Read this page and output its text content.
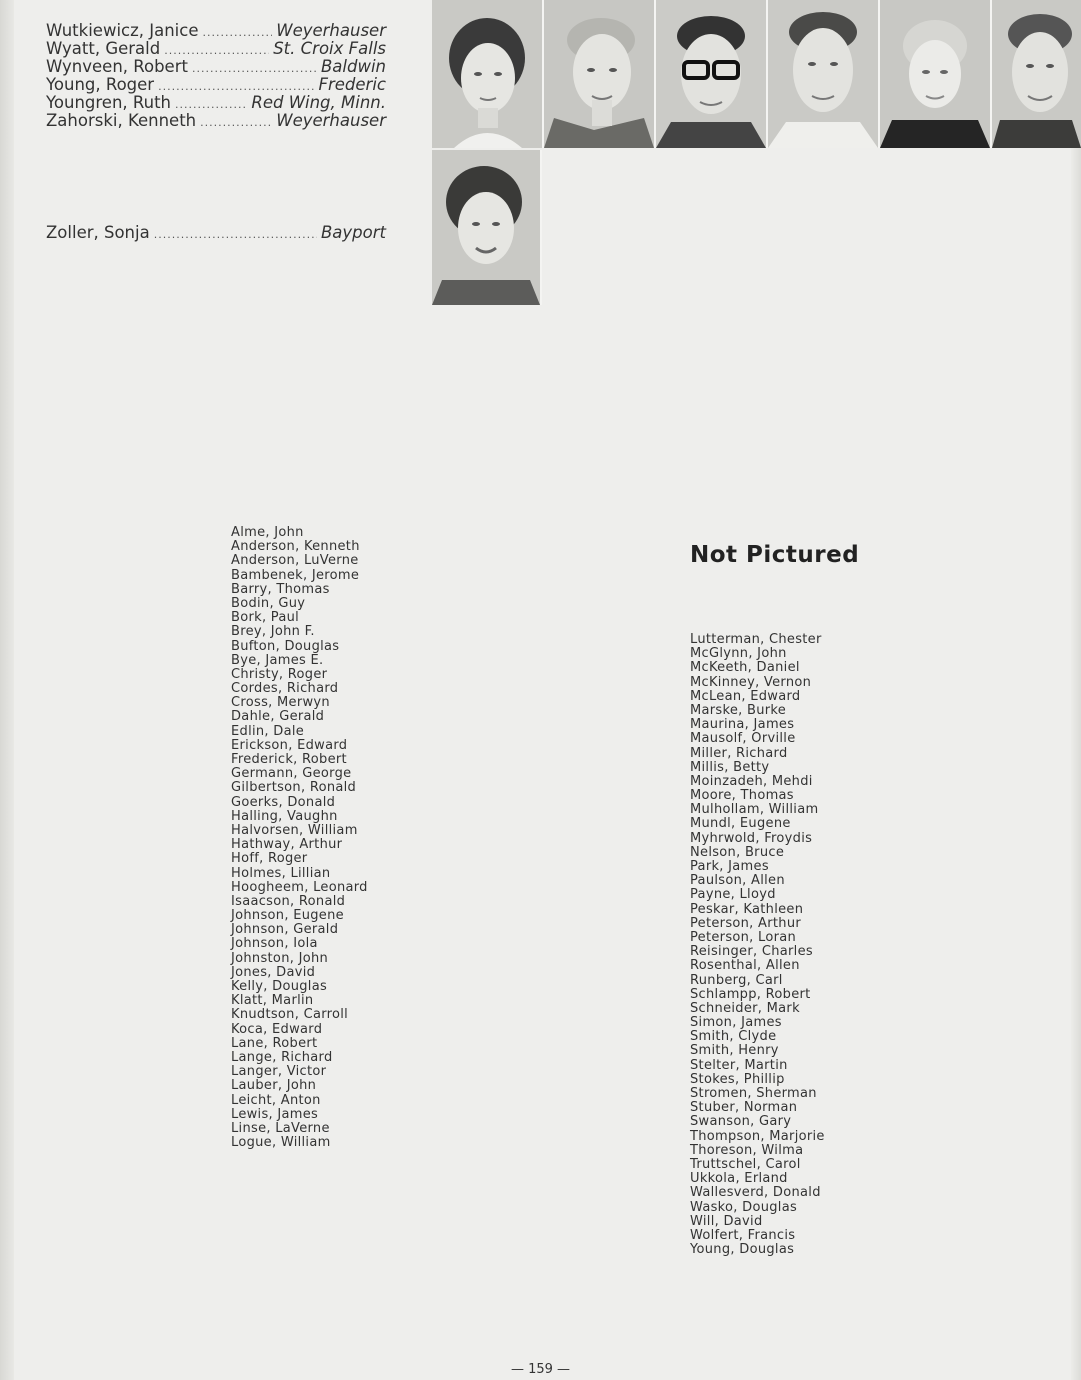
Wutkiewicz, Janice .....	Weyerhauser
Wyatt, Gerald .....	St. Croix Falls
Wynveen, Robert .....	Baldwin
Young, Roger .....	Frederic
Youngren, Ruth .....	Red Wing, Minn.
Zahorski, Kenneth .....	Weyerhauser
Zoller, Sonja .....	Bayport
Not Pictured
Alme, John
Anderson, Kenneth
Anderson, LuVerne
Bambenek, Jerome
Barry, Thomas
Bodin, Guy
Bork, Paul
Brey, John F.
Bufton, Douglas
Bye, James E.
Christy, Roger
Cordes, Richard
Cross, Merwyn
Dahle, Gerald
Edlin, Dale
Erickson, Edward
Frederick, Robert
Germann, George
Gilbertson, Ronald
Goerks, Donald
Halling, Vaughn
Halvorsen, William
Hathway, Arthur
Hoff, Roger
Holmes, Lillian
Hoogheem, Leonard
Isaacson, Ronald
Johnson, Eugene
Johnson, Gerald
Johnson, Iola
Johnston, John
Jones, David
Kelly, Douglas
Klatt, Marlin
Knudtson, Carroll
Koca, Edward
Lane, Robert
Lange, Richard
Langer, Victor
Lauber, John
Leicht, Anton
Lewis, James
Linse, LaVerne
Logue, William
Lutterman, Chester
McGlynn, John
McKeeth, Daniel
McKinney, Vernon
McLean, Edward
Marske, Burke
Maurina, James
Mausolf, Orville
Miller, Richard
Millis, Betty
Moinzadeh, Mehdi
Moore, Thomas
Mulhollam, William
Mundl, Eugene
Myhrwold, Froydis
Nelson, Bruce
Park, James
Paulson, Allen
Payne, Lloyd
Peskar, Kathleen
Peterson, Arthur
Peterson, Loran
Reisinger, Charles
Rosenthal, Allen
Runberg, Carl
Schlampp, Robert
Schneider, Mark
Simon, James
Smith, Clyde
Smith, Henry
Stelter, Martin
Stokes, Phillip
Stromen, Sherman
Stuber, Norman
Swanson, Gary
Thompson, Marjorie
Thoreson, Wilma
Truttschel, Carol
Ukkola, Erland
Wallesverd, Donald
Wasko, Douglas
Will, David
Wolfert, Francis
Young, Douglas
— 159 —
